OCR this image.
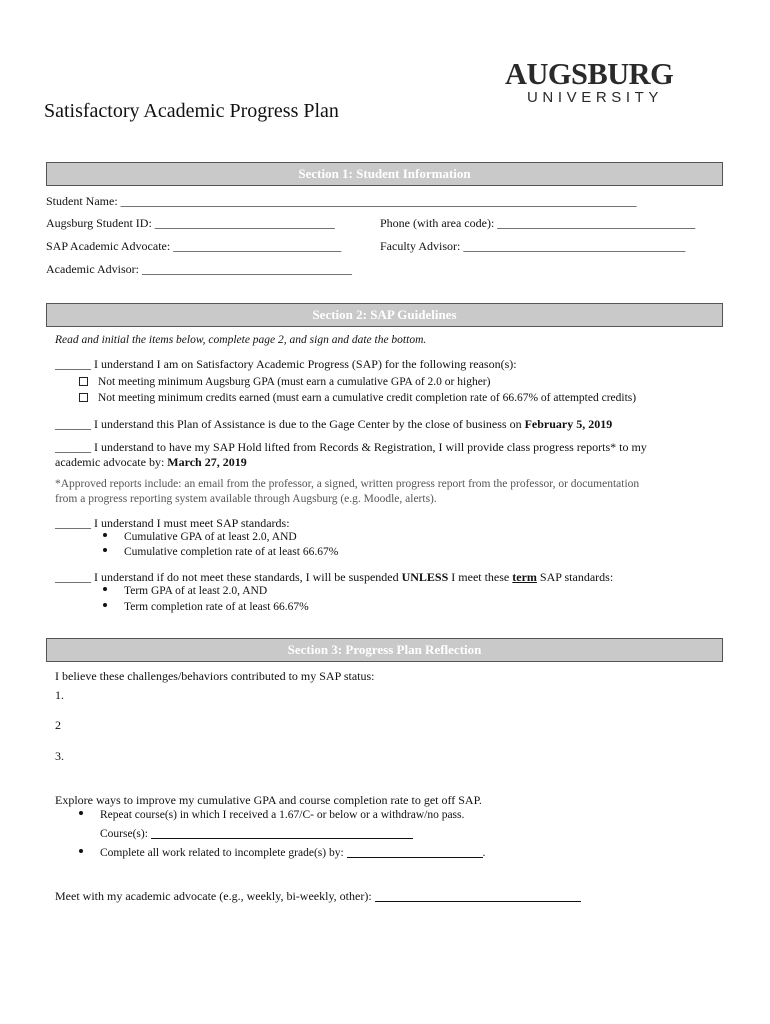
AUGSBURG
UNIVERSITY
Satisfactory Academic Progress Plan
Section 1: Student Information
Student Name: ______________________________________________________________________________________
Augsburg Student ID: ______________________________	Phone (with area code): _________________________________
SAP Academic Advocate: ____________________________	Faculty Advisor: _____________________________________
Academic Advisor: ___________________________________
Section 2: SAP Guidelines
Read and initial the items below, complete page 2, and sign and date the bottom.
______ I understand I am on Satisfactory Academic Progress (SAP) for the following reason(s):
Not meeting minimum Augsburg GPA (must earn a cumulative GPA of 2.0 or higher)
Not meeting minimum credits earned (must earn a cumulative credit completion rate of 66.67% of attempted credits)
______ I understand this Plan of Assistance is due to the Gage Center by the close of business on February 5, 2019
______ I understand to have my SAP Hold lifted from Records & Registration, I will provide class progress reports* to my
academic advocate by: March 27, 2019
*Approved reports include: an email from the professor, a signed, written progress report from the professor, or documentation
from a progress reporting system available through Augsburg (e.g. Moodle, alerts).
______ I understand I must meet SAP standards:
Cumulative GPA of at least 2.0, AND
Cumulative completion rate of at least 66.67%
______ I understand if do not meet these standards, I will be suspended UNLESS I meet these term SAP standards:
Term GPA of at least 2.0, AND
Term completion rate of at least 66.67%
Section 3: Progress Plan Reflection
I believe these challenges/behaviors contributed to my SAP status:
1.
2
3.
Explore ways to improve my cumulative GPA and course completion rate to get off SAP.
Repeat course(s) in which I received a 1.67/C- or below or a withdraw/no pass.
Course(s):
Complete all work related to incomplete grade(s) by:	.
Meet with my academic advocate (e.g., weekly, bi-weekly, other):
